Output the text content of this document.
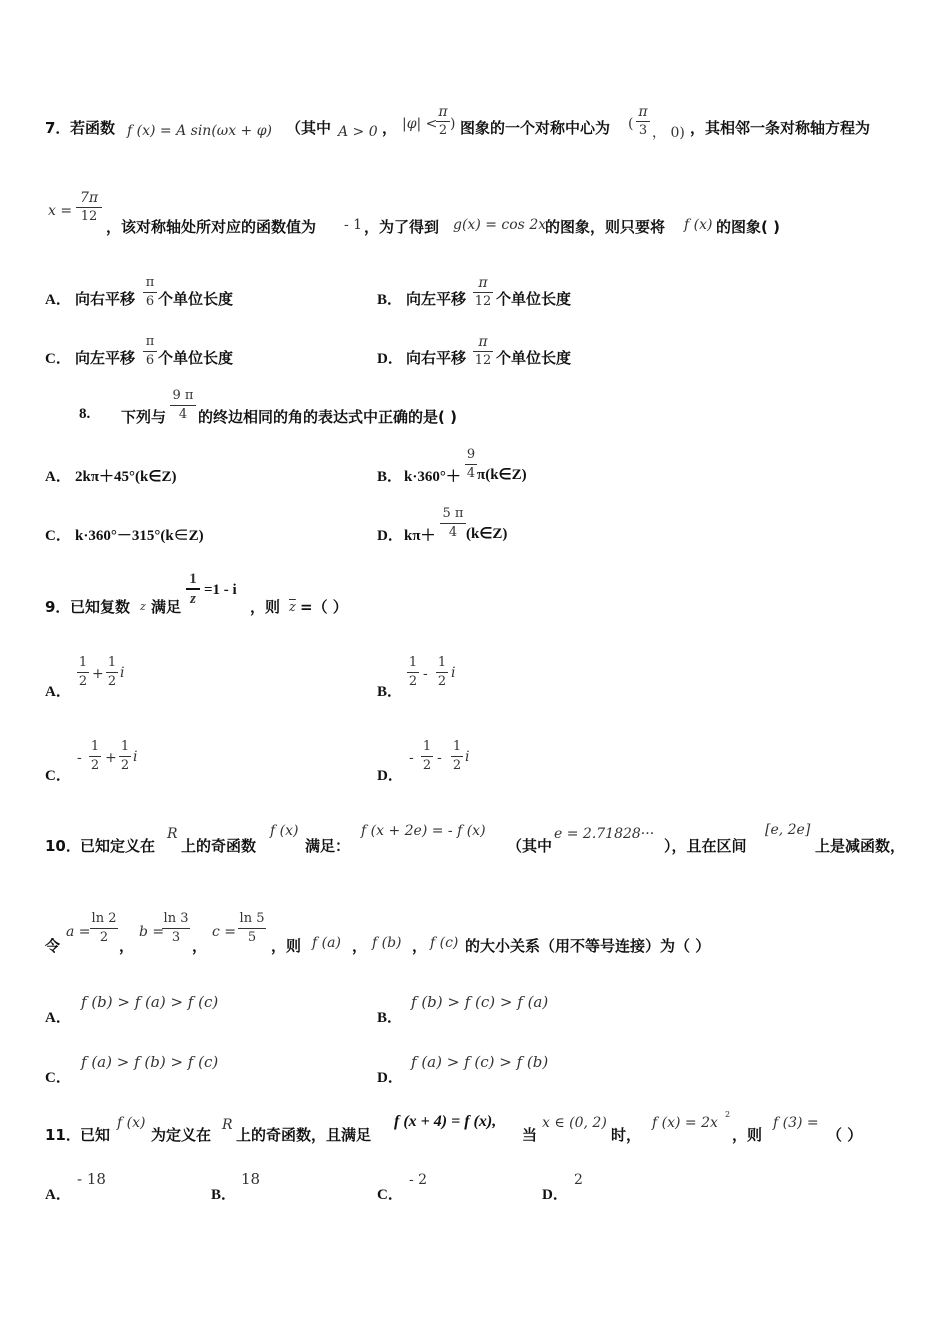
7． 若函数 f (x) = A sin(ωx + φ) （其中 A > 0 ， |φ| <
π
2 ) 图象的一个对称中心为 (
π
3 ， 0) ，其相邻一条对称轴方程为
x =
7π
12
，该对称轴处所对应的函数值为 - 1 ，为了得到 g(x) = cos 2x
的图象，则只要将 f (x) 的图象( )
A． 向右平移
π
6 个单位长度	B． 向左平移
π
12 个单位长度
C． 向左平移
π
6 个单位长度	D． 向右平移
π
12 个单位长度
8. 下列与
9 π
4 的终边相同的角的表达式中正确的是( )
A． 2kπ＋45°(k∈Z)	B． k·360°＋
9
4 π(k∈Z)
C． k·360°－315°(k∈Z)	D． kπ＋
5 π
4 (k∈Z)
9． 已知复数 z 满足
1
z
=1 - i
，则 $\overline{z}$ =（ ）
A．
1
2 +
1
2
i
B．
1
2 -
1
2
i
C．
-
1
2 +
1
2
i
D．
-
1
2 -
1
2
i
10． 已知定义在
R
上的奇函数
f (x)
满足：
f (x + 2e) = - f (x)
（其中
e = 2.71828···
），且在区间
[e, 2e]
上是减函数，
令
a =
ln 2
2 ，
b =
ln 3
3 ，
c =
ln 5
5 ，则 f (a) ， f (b) ， f (c) 的大小关系（用不等号连接）为（ ）
A．
f (b) > f (a) > f (c)
B．
f (b) > f (c) > f (a)
C．
f (a) > f (b) > f (c)
D．
f (a) > f (c) > f (b)
11． 已知
f (x)
为定义在
R
上的奇函数，且满足
f (x + 4) = f (x),
当
x ∈ (0, 2)
时，
f (x) = 2x
2
，则
f (3) =
（ ）
A．
- 18
B．
18
C．
- 2
D．
2
